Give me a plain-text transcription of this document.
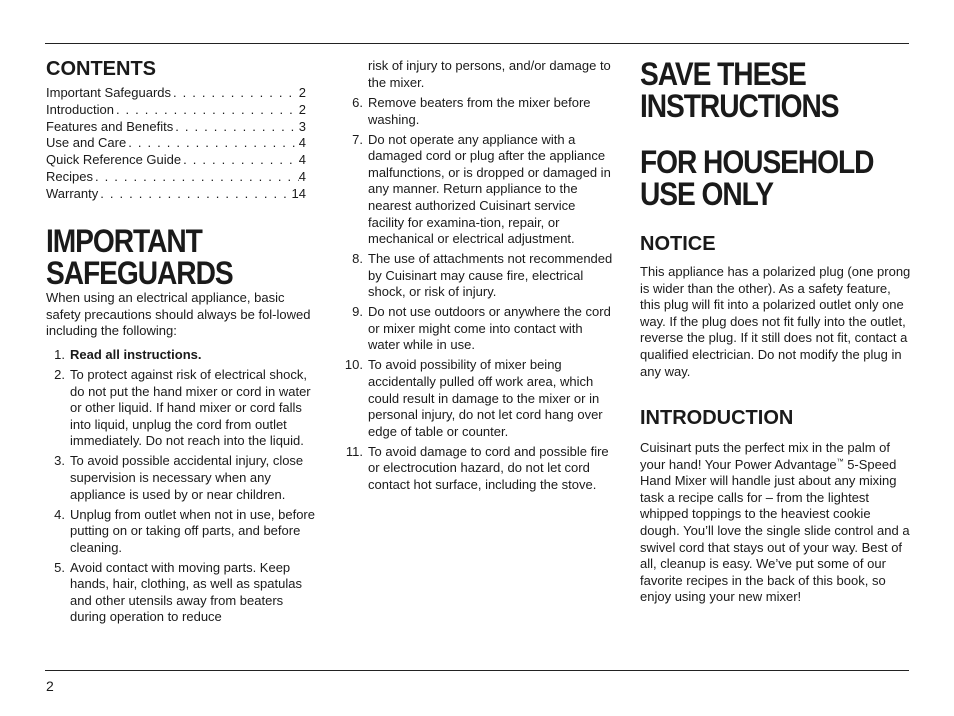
CONTENTS
Important Safeguards . . .	2
Introduction . . .	2
Features and Benefits . . .	3
Use and Care . . .	4
Quick Reference Guide . . .	4
Recipes . . .	4
Warranty . . .	14
IMPORTANT
SAFEGUARDS

When using an electrical appliance, basic safety precautions should always be fol-lowed including the following:

1. Read all instructions.
2. To protect against risk of electrical shock, do not put the hand mixer or cord in water or other liquid. If hand mixer or cord falls into liquid, unplug the cord from outlet immediately. Do not reach into the liquid.
3. To avoid possible accidental injury, close supervision is necessary when any appliance is used by or near children.
4. Unplug from outlet when not in use, before putting on or taking off parts, and before cleaning.
5. Avoid contact with moving parts. Keep hands, hair, clothing, as well as spatulas and other utensils away from beaters during operation to reduce

risk of injury to persons, and/or damage to the mixer.

6. Remove beaters from the mixer before washing.
7. Do not operate any appliance with a damaged cord or plug after the appliance malfunctions, or is dropped or damaged in any manner. Return appliance to the nearest authorized Cuisinart service facility for examina-tion, repair, or mechanical or electrical adjustment.
8. The use of attachments not recommended by Cuisinart may cause fire, electrical shock, or risk of injury.
9. Do not use outdoors or anywhere the cord or mixer might come into contact with water while in use.
10. To avoid possibility of mixer being accidentally pulled off work area, which could result in damage to the mixer or in personal injury, do not let cord hang over edge of table or counter.
11. To avoid damage to cord and possible fire or electrocution hazard, do not let cord contact hot surface, including the stove.
SAVE THESE
INSTRUCTIONS
FOR HOUSEHOLD
USE ONLY
NOTICE

This appliance has a polarized plug (one prong is wider than the other). As a safety feature, this plug will fit into a polarized outlet only one way. If the plug does not fit fully into the outlet, reverse the plug. If it still does not fit, contact a qualified electrician. Do not modify the plug in any way.

INTRODUCTION

Cuisinart puts the perfect mix in the palm of your hand! Your Power Advantage™ 5-Speed Hand Mixer will handle just about any mixing task a recipe calls for – from the lightest whipped toppings to the heaviest cookie dough. You’ll love the single slide control and a swivel cord that stays out of your way. Best of all, cleanup is easy. We’ve put some of our favorite recipes in the back of this book, so enjoy using your new mixer!

2
